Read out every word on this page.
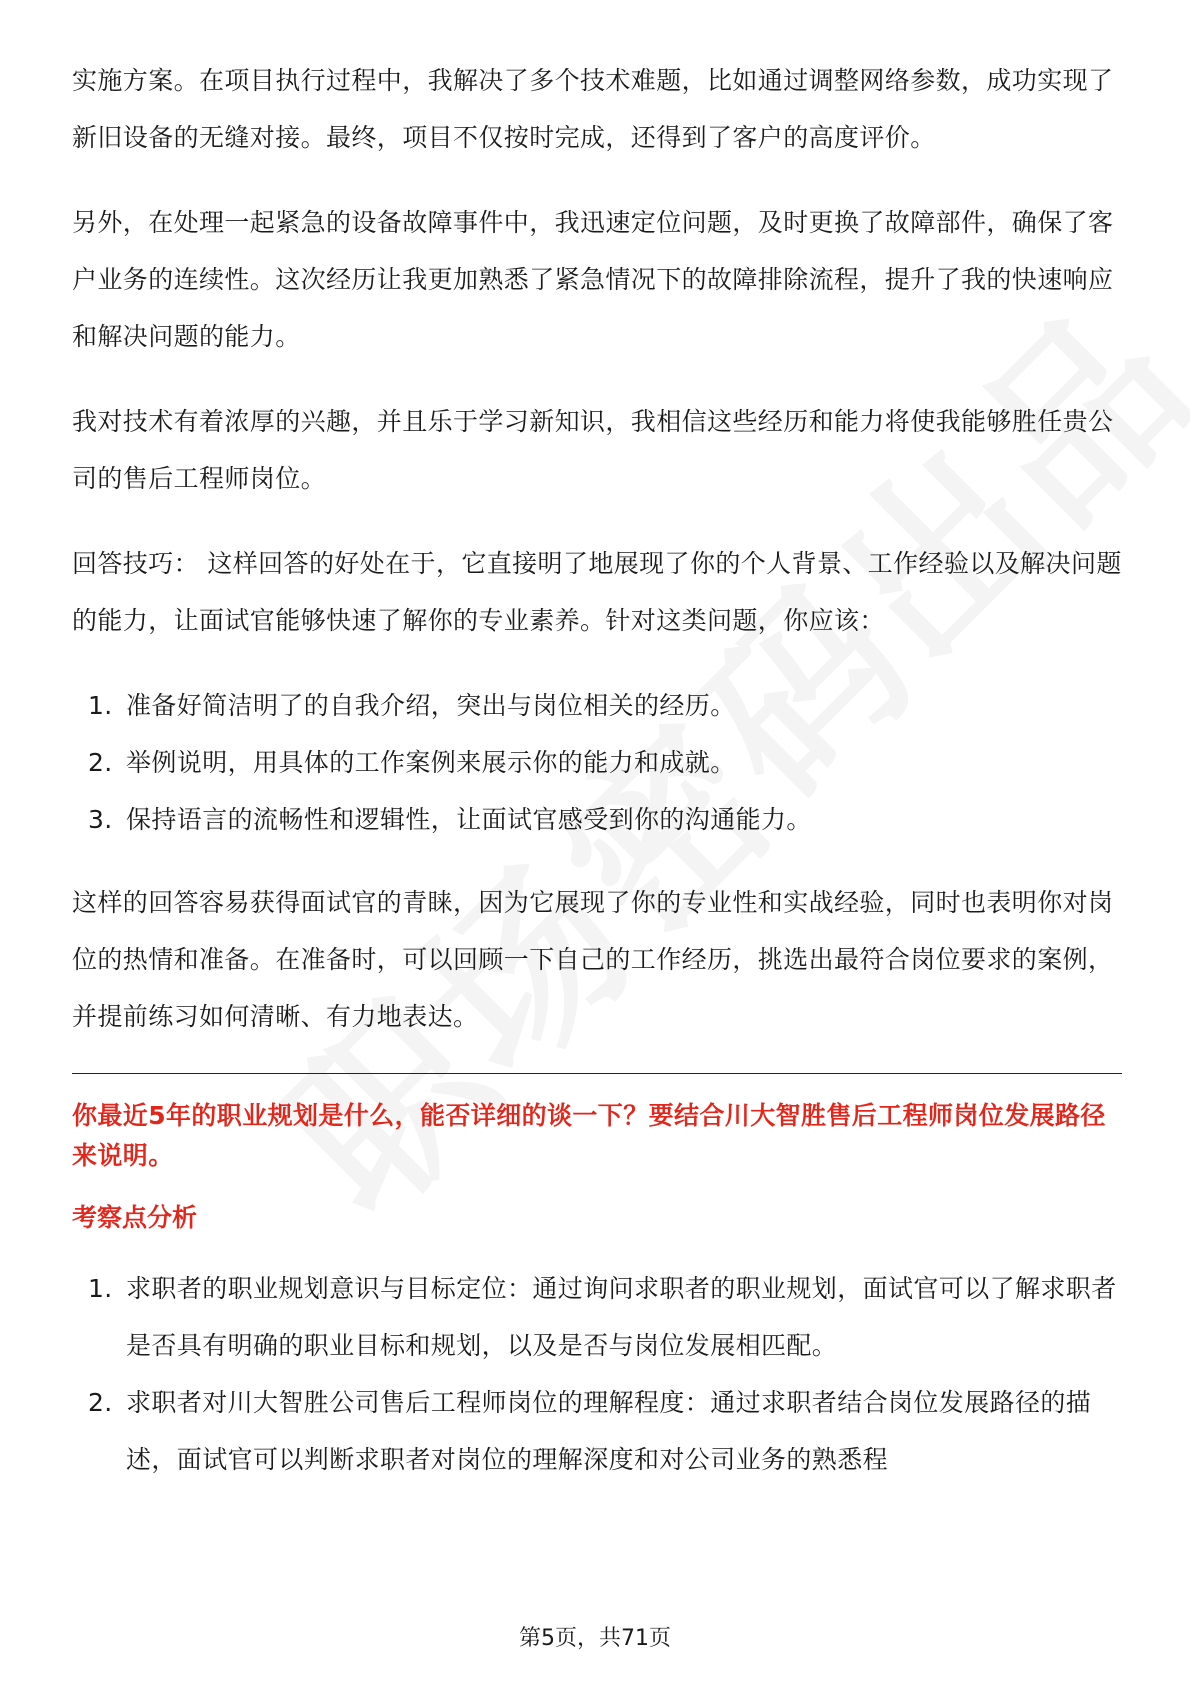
实施方案。在项目执行过程中，我解决了多个技术难题，比如通过调整网络参数，成功实现了新旧设备的无缝对接。最终，项目不仅按时完成，还得到了客户的高度评价。

另外，在处理一起紧急的设备故障事件中，我迅速定位问题，及时更换了故障部件，确保了客户业务的连续性。这次经历让我更加熟悉了紧急情况下的故障排除流程，提升了我的快速响应和解决问题的能力。

我对技术有着浓厚的兴趣，并且乐于学习新知识，我相信这些经历和能力将使我能够胜任贵公司的售后工程师岗位。

回答技巧： 这样回答的好处在于，它直接明了地展现了你的个人背景、工作经验以及解决问题的能力，让面试官能够快速了解你的专业素养。针对这类问题，你应该：

1. 准备好简洁明了的自我介绍，突出与岗位相关的经历。
2. 举例说明，用具体的工作案例来展示你的能力和成就。
3. 保持语言的流畅性和逻辑性，让面试官感受到你的沟通能力。

这样的回答容易获得面试官的青睐，因为它展现了你的专业性和实战经验，同时也表明你对岗位的热情和准备。在准备时，可以回顾一下自己的工作经历，挑选出最符合岗位要求的案例，并提前练习如何清晰、有力地表达。

你最近5年的职业规划是什么，能否详细的谈一下？要结合川大智胜售后工程师岗位发展路径来说明。
考察点分析
1. 求职者的职业规划意识与目标定位：通过询问求职者的职业规划，面试官可以了解求职者是否具有明确的职业目标和规划，以及是否与岗位发展相匹配。
2. 求职者对川大智胜公司售后工程师岗位的理解程度：通过求职者结合岗位发展路径的描述，面试官可以判断求职者对岗位的理解深度和对公司业务的熟悉程
第5页，共71页
